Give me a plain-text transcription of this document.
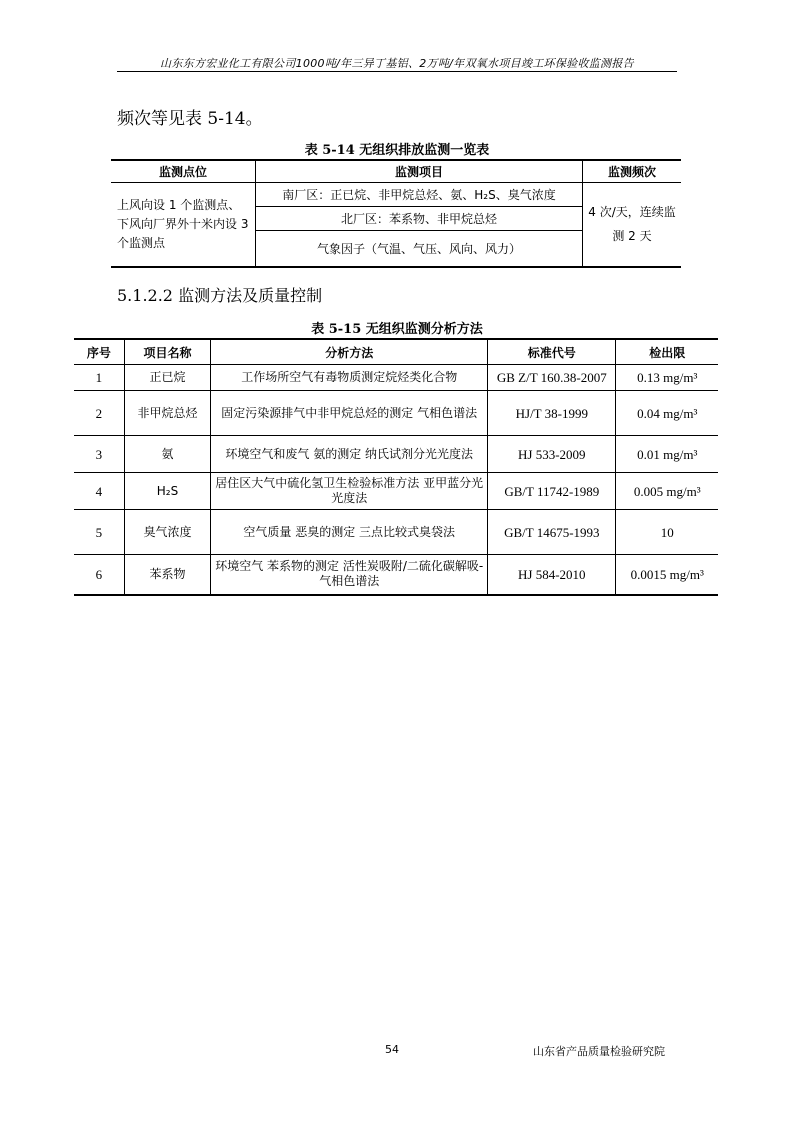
山东东方宏业化工有限公司1000吨/年三异丁基铝、2万吨/年双氧水项目竣工环保验收监测报告
频次等见表 5-14。
表 5-14 无组织排放监测一览表
监测点位	监测项目	监测频次
上风向设 1 个监测点、下风向厂界外十米内设 3 个监测点	南厂区：正已烷、非甲烷总烃、氨、H₂S、臭气浓度	4 次/天，连续监测 2 天
	北厂区：苯系物、非甲烷总烃	
	气象因子（气温、气压、风向、风力）	
5.1.2.2 监测方法及质量控制
表 5-15 无组织监测分析方法
序号	项目名称	分析方法	标准代号	检出限
1	正已烷	工作场所空气有毒物质测定烷烃类化合物	GB Z/T 160.38-2007	0.13 mg/m³
2	非甲烷总烃	固定污染源排气中非甲烷总烃的测定 气相色谱法	HJ/T 38-1999	0.04 mg/m³
3	氨	环境空气和废气 氨的测定 纳氏试剂分光光度法	HJ 533-2009	0.01 mg/m³
4	H₂S	居住区大气中硫化氢卫生检验标准方法 亚甲蓝分光光度法	GB/T 11742-1989	0.005 mg/m³
5	臭气浓度	空气质量 恶臭的测定 三点比较式臭袋法	GB/T 14675-1993	10
6	苯系物	环境空气 苯系物的测定 活性炭吸附/二硫化碳解吸-气相色谱法	HJ 584-2010	0.0015 mg/m³
54	山东省产品质量检验研究院
